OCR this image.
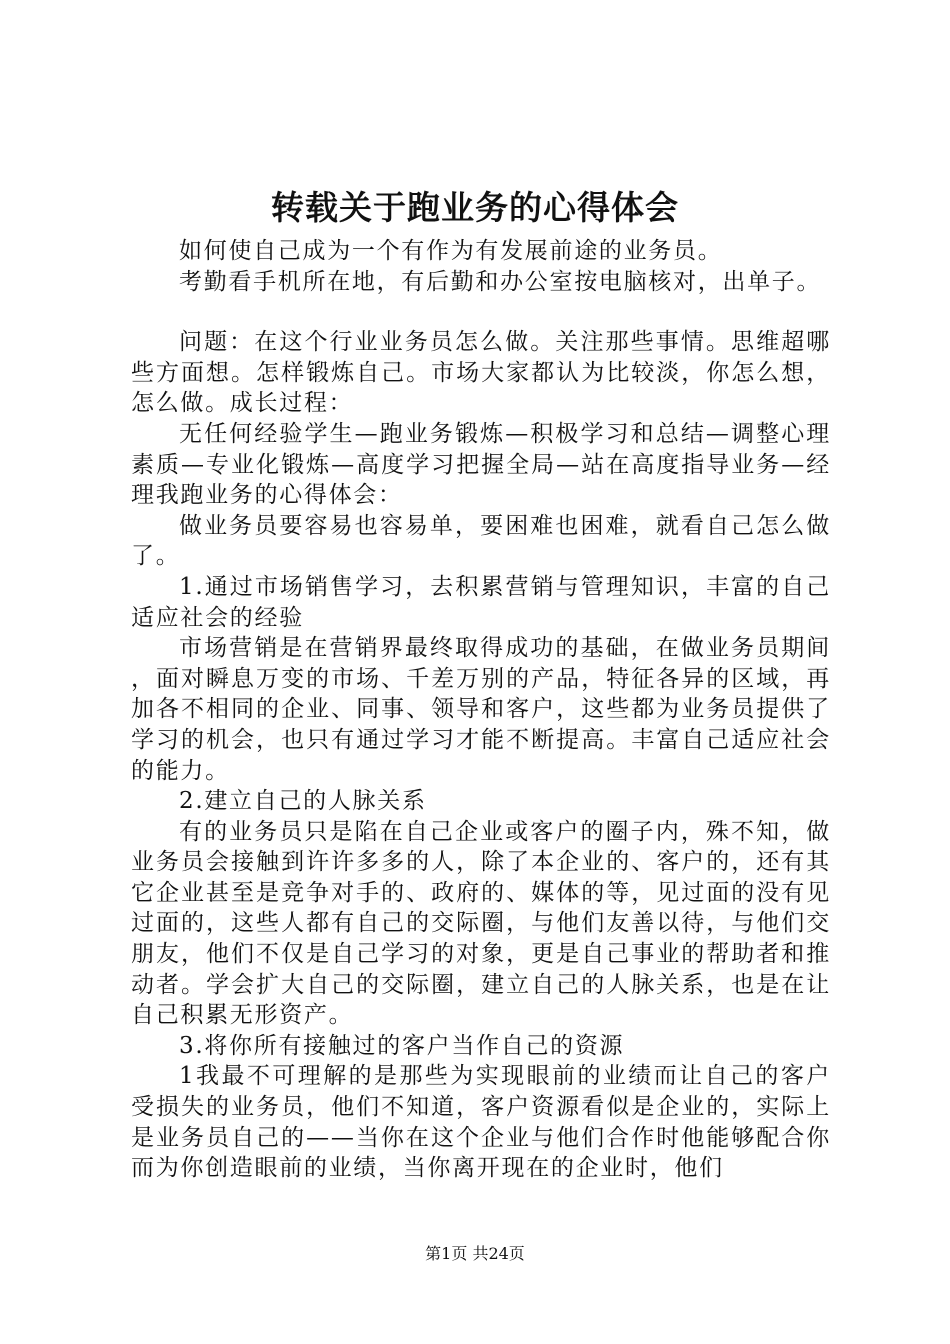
转载关于跑业务的心得体会

如何使自己成为一个有作为有发展前途的业务员。

考勤看手机所在地，有后勤和办公室按电脑核对，出单子。

问题：在这个行业业务员怎么做。关注那些事情。思维超哪些方面想。怎样锻炼自己。市场大家都认为比较淡，你怎么想，怎么做。成长过程：

无任何经验学生—跑业务锻炼—积极学习和总结—调整心理素质—专业化锻炼—高度学习把握全局—站在高度指导业务—经理我跑业务的心得体会：

做业务员要容易也容易单，要困难也困难，就看自己怎么做了。

1.通过市场销售学习，去积累营销与管理知识，丰富的自己适应社会的经验

市场营销是在营销界最终取得成功的基础，在做业务员期间，面对瞬息万变的市场、千差万别的产品，特征各异的区域，再加各不相同的企业、同事、领导和客户，这些都为业务员提供了学习的机会，也只有通过学习才能不断提高。丰富自己适应社会的能力。

2.建立自己的人脉关系

有的业务员只是陷在自己企业或客户的圈子内，殊不知，做业务员会接触到许许多多的人，除了本企业的、客户的，还有其它企业甚至是竞争对手的、政府的、媒体的等，见过面的没有见过面的，这些人都有自己的交际圈，与他们友善以待，与他们交朋友，他们不仅是自己学习的对象，更是自己事业的帮助者和推动者。学会扩大自己的交际圈，建立自己的人脉关系，也是在让自己积累无形资产。

3.将你所有接触过的客户当作自己的资源

1我最不可理解的是那些为实现眼前的业绩而让自己的客户受损失的业务员，他们不知道，客户资源看似是企业的，实际上是业务员自己的——当你在这个企业与他们合作时他能够配合你而为你创造眼前的业绩，当你离开现在的企业时，他们

第1页 共24页
